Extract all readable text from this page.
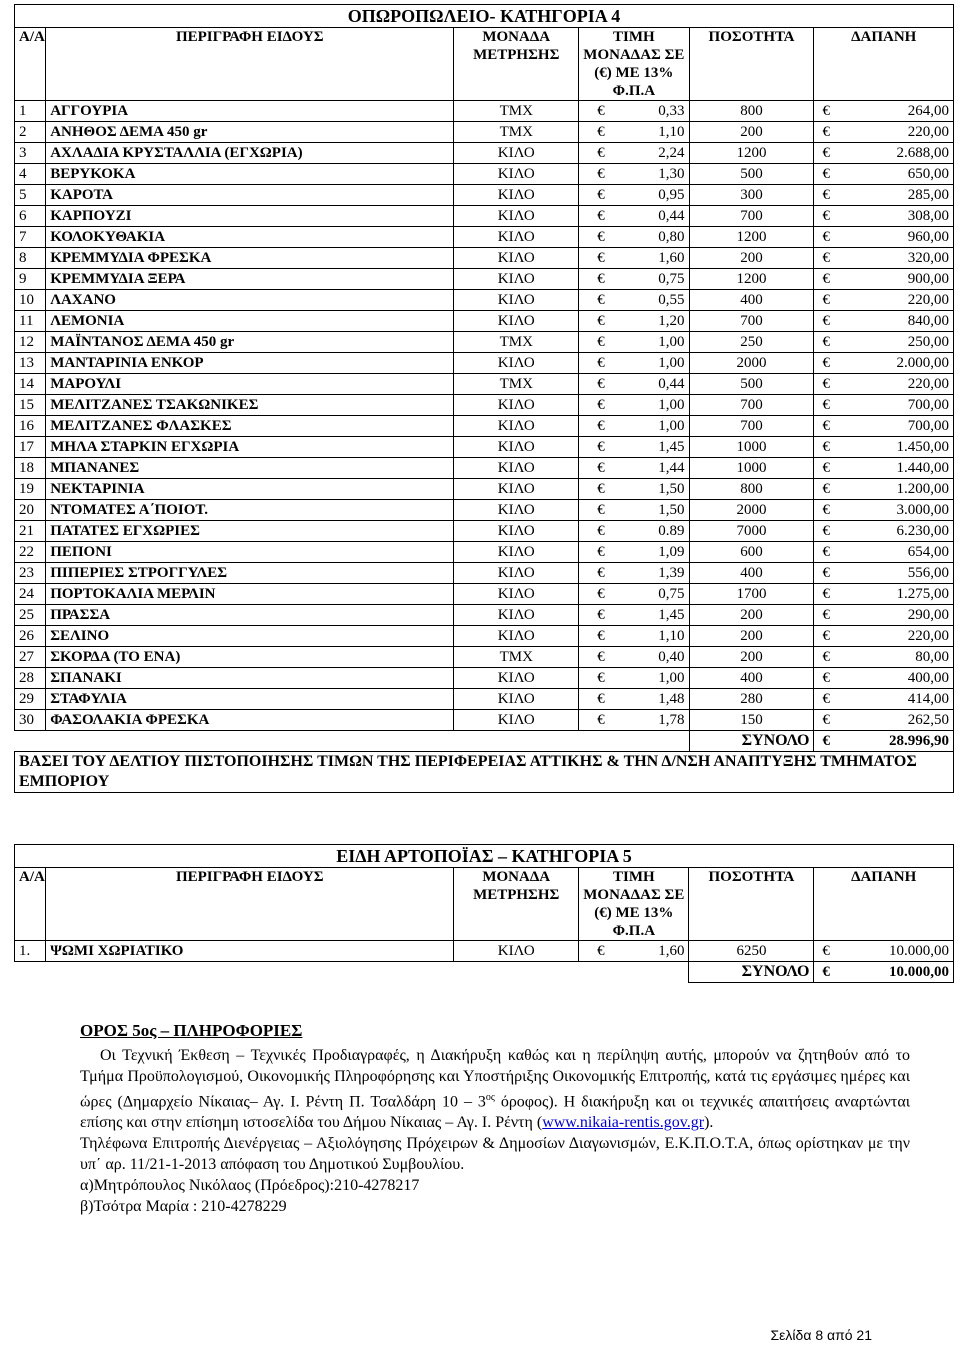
ΟΠΩΡΟΠΩΛΕΙΟ- ΚΑΤΗΓΟΡΙΑ 4					
Α/Α	ΠΕΡΙΓΡΑΦΗ ΕΙΔΟΥΣ	ΜΟΝΑΔΑ ΜΕΤΡΗΣΗΣ	ΤΙΜΗ ΜΟΝΑΔΑΣ ΣΕ (€) ΜΕ 13% Φ.Π.Α	ΠΟΣΟΤΗΤΑ	ΔΑΠΑΝΗ
1	ΑΓΓΟΥΡΙΑ	ΤΜΧ	€ 0,33	800	€ 264,00

2	ΑΝΗΘΟΣ ΔΕΜΑ 450 gr	ΤΜΧ	€ 1,10	200	€ 220,00

3	ΑΧΛΑΔΙΑ ΚΡΥΣΤΑΛΛΙΑ (ΕΓΧΩΡΙΑ)	ΚΙΛΟ	€ 2,24	1200	€ 2.688,00

4	ΒΕΡΥΚΟΚΑ	ΚΙΛΟ	€ 1,30	500	€ 650,00

5	ΚΑΡΟΤΑ	ΚΙΛΟ	€ 0,95	300	€ 285,00

6	ΚΑΡΠΟΥΖΙ	ΚΙΛΟ	€ 0,44	700	€ 308,00

7	ΚΟΛΟΚΥΘΑΚΙΑ	ΚΙΛΟ	€ 0,80	1200	€ 960,00

8	ΚΡΕΜΜΥΔΙΑ ΦΡΕΣΚΑ	ΚΙΛΟ	€ 1,60	200	€ 320,00

9	ΚΡΕΜΜΥΔΙΑ ΞΕΡΑ	ΚΙΛΟ	€ 0,75	1200	€ 900,00

10	ΛΑΧΑΝΟ	ΚΙΛΟ	€ 0,55	400	€ 220,00

11	ΛΕΜΟΝΙΑ	ΚΙΛΟ	€ 1,20	700	€ 840,00

12	ΜΑΪΝΤΑΝΟΣ ΔΕΜΑ 450 gr	ΤΜΧ	€ 1,00	250	€ 250,00

13	ΜΑΝΤΑΡΙΝΙΑ ΕΝΚΟΡ	ΚΙΛΟ	€ 1,00	2000	€ 2.000,00

14	ΜΑΡΟΥΛΙ	ΤΜΧ	€ 0,44	500	€ 220,00

15	ΜΕΛΙΤΖΑΝΕΣ ΤΣΑΚΩΝΙΚΕΣ	ΚΙΛΟ	€ 1,00	700	€ 700,00

16	ΜΕΛΙΤΖΑΝΕΣ ΦΛΑΣΚΕΣ	ΚΙΛΟ	€ 1,00	700	€ 700,00

17	ΜΗΛΑ ΣΤΑΡΚΙΝ ΕΓΧΩΡΙΑ	ΚΙΛΟ	€ 1,45	1000	€ 1.450,00

18	ΜΠΑΝΑΝΕΣ	ΚΙΛΟ	€ 1,44	1000	€ 1.440,00

19	ΝΕΚΤΑΡΙΝΙΑ	ΚΙΛΟ	€ 1,50	800	€ 1.200,00

20	ΝΤΟΜΑΤΕΣ Α΄ΠΟΙΟΤ.	ΚΙΛΟ	€ 1,50	2000	€ 3.000,00

21	ΠΑΤΑΤΕΣ ΕΓΧΩΡΙΕΣ	ΚΙΛΟ	€ 0.89	7000	€ 6.230,00

22	ΠΕΠΟΝΙ	ΚΙΛΟ	€ 1,09	600	€ 654,00

23	ΠΙΠΕΡΙΕΣ ΣΤΡΟΓΓΥΛΕΣ	ΚΙΛΟ	€ 1,39	400	€ 556,00

24	ΠΟΡΤΟΚΑΛΙΑ ΜΕΡΛΙΝ	ΚΙΛΟ	€ 0,75	1700	€ 1.275,00

25	ΠΡΑΣΣΑ	ΚΙΛΟ	€ 1,45	200	€ 290,00

26	ΣΕΛΙΝΟ	ΚΙΛΟ	€ 1,10	200	€ 220,00

27	ΣΚΟΡΔΑ (ΤΟ ΕΝΑ)	ΤΜΧ	€ 0,40	200	€ 80,00

28	ΣΠΑΝΑΚΙ	ΚΙΛΟ	€ 1,00	400	€ 400,00

29	ΣΤΑΦΥΛΙΑ	ΚΙΛΟ	€ 1,48	280	€ 414,00

30	ΦΑΣΟΛΑΚΙΑ ΦΡΕΣΚΑ	ΚΙΛΟ	€ 1,78	150	€ 262,50

				ΣΥΝΟΛΟ	€ 28.996,90

ΒΑΣΕΙ ΤΟΥ ΔΕΛΤΙΟΥ ΠΙΣΤΟΠΟΙΗΣΗΣ ΤΙΜΩΝ ΤΗΣ ΠΕΡΙΦΕΡΕΙΑΣ ΑΤΤΙΚΗΣ & ΤΗΝ Δ/ΝΣΗ ΑΝΑΠΤΥΞΗΣ ΤΜΗΜΑΤΟΣ ΕΜΠΟΡΙΟΥ					
ΕΙΔΗ ΑΡΤΟΠΟΪΑΣ – ΚΑΤΗΓΟΡΙΑ 5					
Α/Α	ΠΕΡΙΓΡΑΦΗ ΕΙΔΟΥΣ	ΜΟΝΑΔΑ ΜΕΤΡΗΣΗΣ	ΤΙΜΗ ΜΟΝΑΔΑΣ ΣΕ (€) ΜΕ 13% Φ.Π.Α	ΠΟΣΟΤΗΤΑ	ΔΑΠΑΝΗ
1.	ΨΩΜΙ ΧΩΡΙΑΤΙΚΟ	ΚΙΛΟ	€ 1,60	6250	€ 10.000,00

				ΣΥΝΟΛΟ	€ 10.000,00

ΟΡΟΣ 5ος – ΠΛΗΡΟΦΟΡΙΕΣ

Οι Τεχνική Έκθεση – Τεχνικές Προδιαγραφές, η Διακήρυξη καθώς και η περίληψη αυτής, μπορούν να ζητηθούν από το Τμήμα Προϋπολογισμού, Οικονομικής Πληροφόρησης και Υποστήριξης Οικονομικής Επιτροπής, κατά τις εργάσιμες ημέρες και ώρες (Δημαρχείο Νίκαιας– Αγ. Ι. Ρέντη Π. Τσαλδάρη $10 - 3^{o\varsigma}$ όροφος). Η διακήρυξη και οι τεχνικές απαιτήσεις αναρτώνται επίσης και στην επίσημη ιστοσελίδα του Δήμου Νίκαιας – Αγ. Ι. Ρέντη (www.nikaia-rentis.gov.gr).

Τηλέφωνα Επιτροπής Διενέργειας – Αξιολόγησης Πρόχειρων & Δημοσίων Διαγωνισμών, Ε.Κ.Π.Ο.Τ.Α, όπως ορίστηκαν με την υπ΄ αρ. 11/21-1-2013 απόφαση του Δημοτικού Συμβουλίου.

α)Μητρόπουλος Νικόλαος (Πρόεδρος):210-4278217

β)Τσότρα Μαρία : 210-4278229

Σελίδα 8 από 21
